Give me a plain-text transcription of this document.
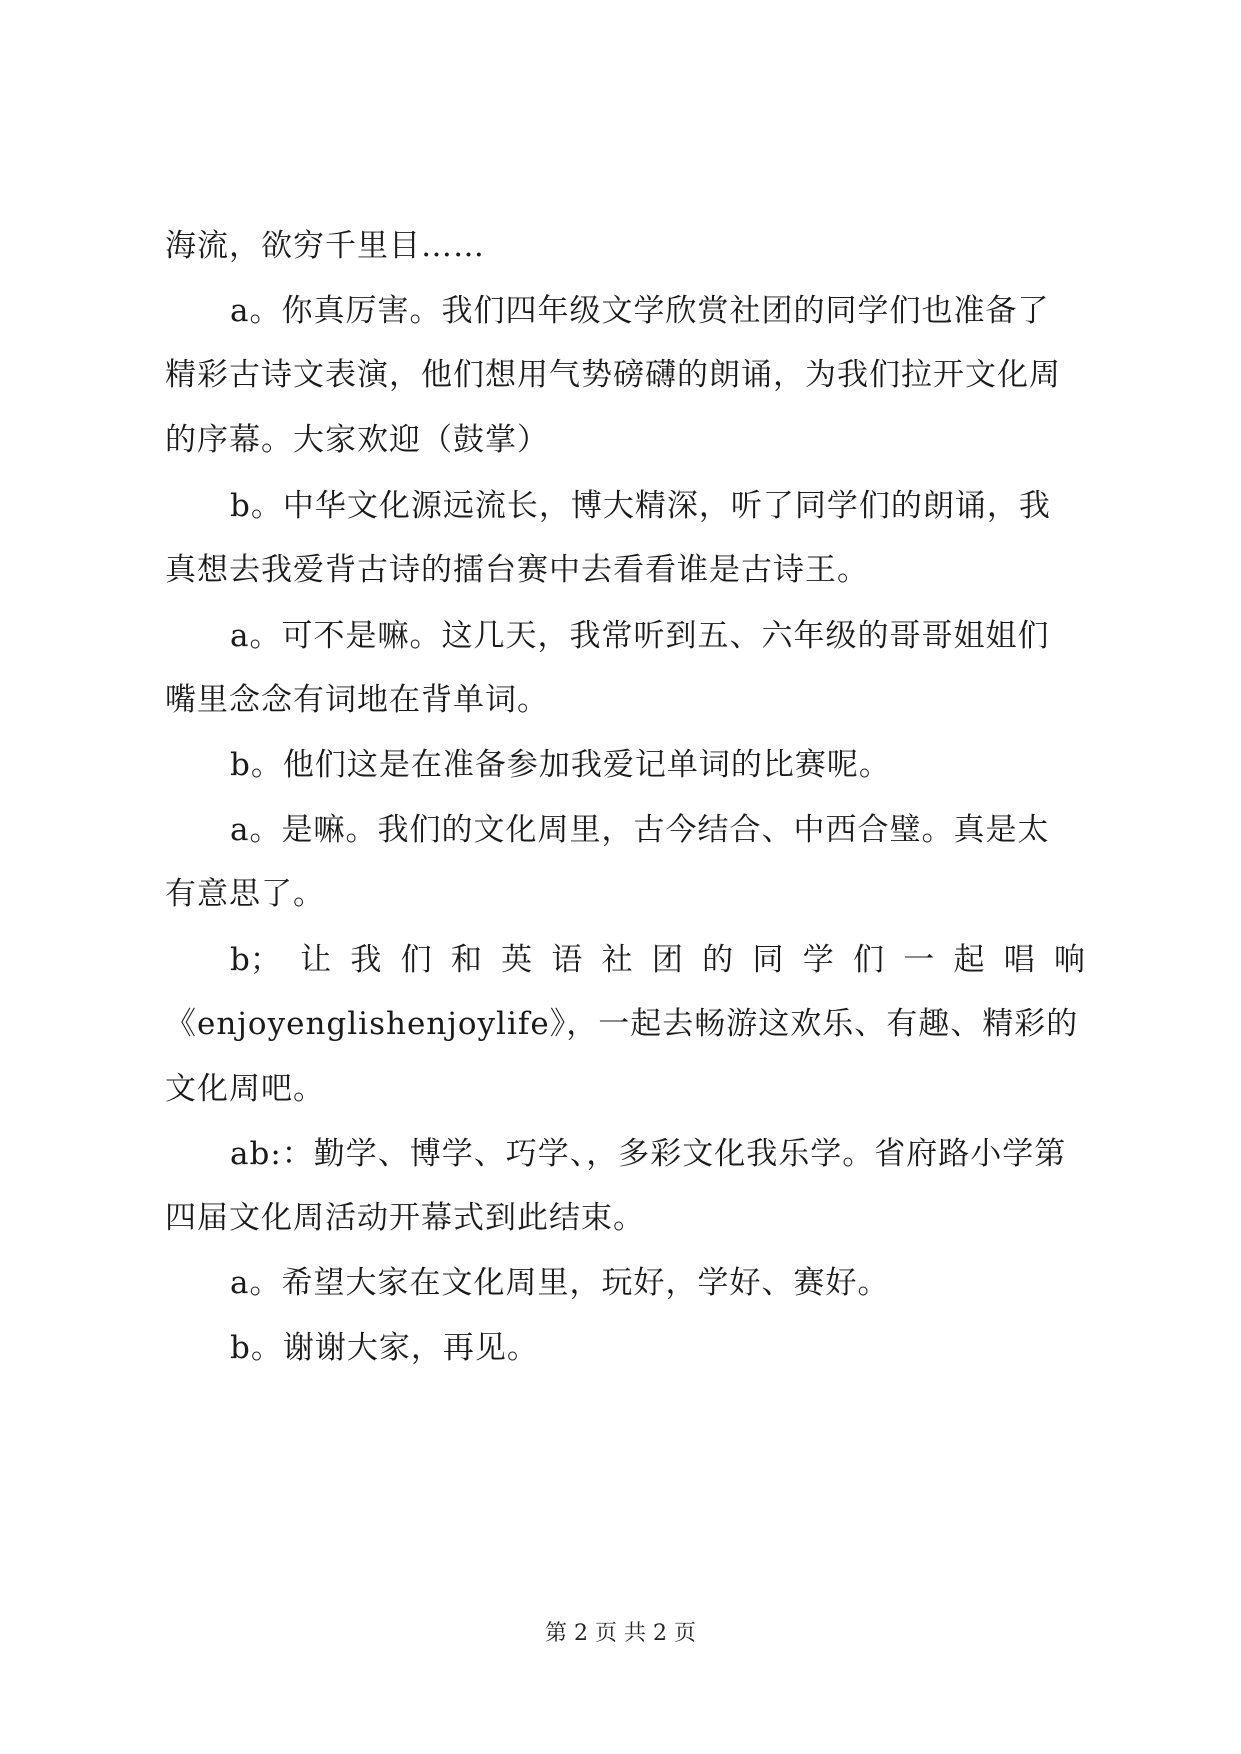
海流，欲穷千里目……
a。你真厉害。我们四年级文学欣赏社团的同学们也准备了
精彩古诗文表演，他们想用气势磅礴的朗诵，为我们拉开文化周
的序幕。大家欢迎（鼓掌）
b。中华文化源远流长，博大精深，听了同学们的朗诵，我
真想去我爱背古诗的擂台赛中去看看谁是古诗王。
a。可不是嘛。这几天，我常听到五、六年级的哥哥姐姐们
嘴里念念有词地在背单词。
b。他们这是在准备参加我爱记单词的比赛呢。
a。是嘛。我们的文化周里，古今结合、中西合璧。真是太
有意思了。
b；让我们和英语社团的同学们一起唱响
《enjoyenglishenjoylife》，一起去畅游这欢乐、有趣、精彩的
文化周吧。
ab:：勤学、博学、巧学、，多彩文化我乐学。省府路小学第
四届文化周活动开幕式到此结束。
a。希望大家在文化周里，玩好，学好、赛好。
b。谢谢大家，再见。
第 2 页 共 2 页
